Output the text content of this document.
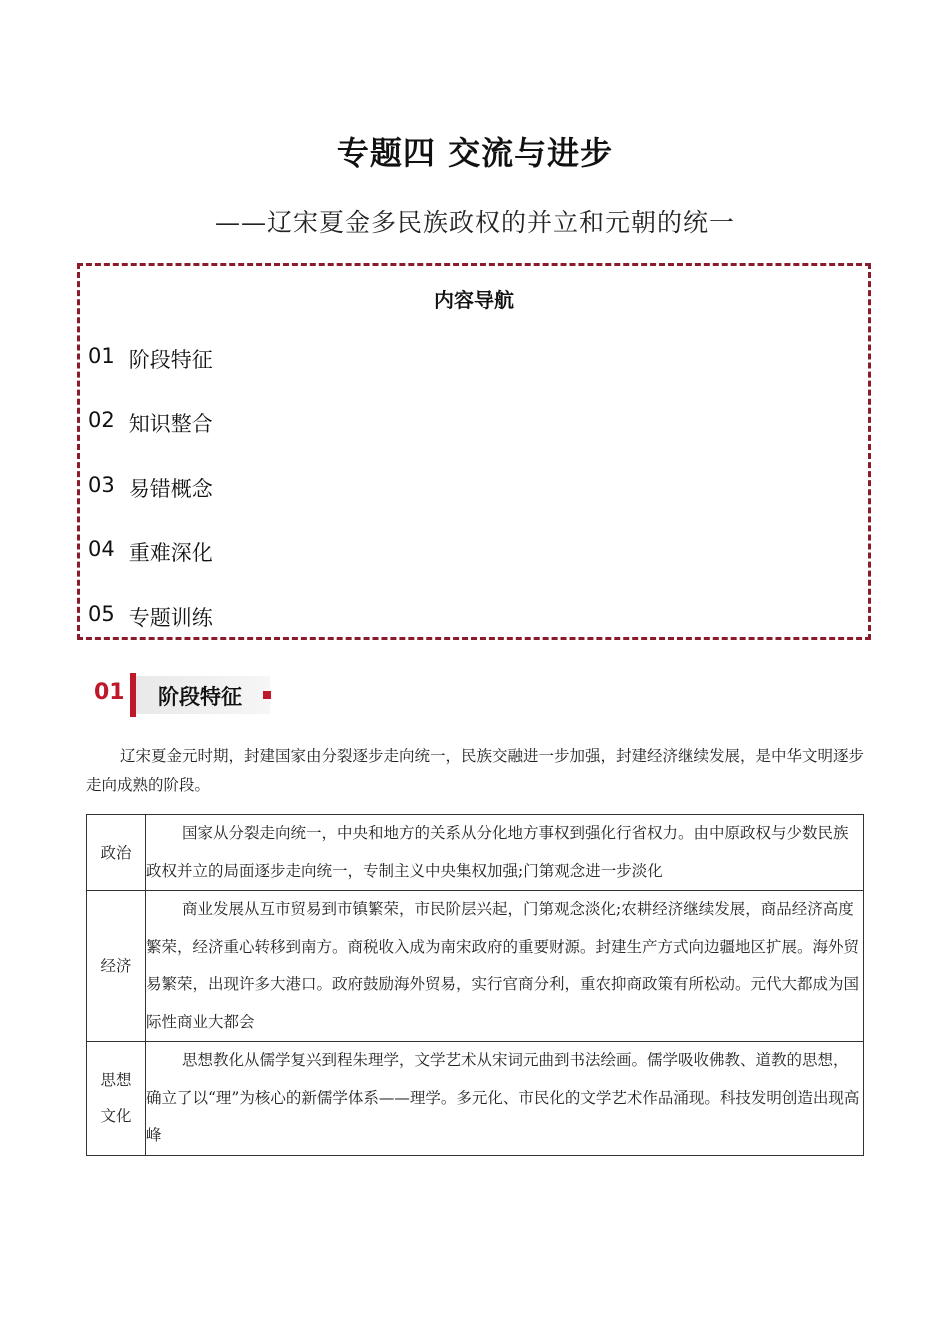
专题四 交流与进步
——辽宋夏金多民族政权的并立和元朝的统一
内容导航
01 阶段特征
02 知识整合
03 易错概念
04 重难深化
05 专题训练
01 阶段特征
辽宋夏金元时期，封建国家由分裂逐步走向统一，民族交融进一步加强，封建经济继续发展，是中华文明逐步走向成熟的阶段。
政治	国家从分裂走向统一，中央和地方的关系从分化地方事权到强化行省权力。由中原政权与少数民族政权并立的局面逐步走向统一，专制主义中央集权加强;门第观念进一步淡化
经济	商业发展从互市贸易到市镇繁荣，市民阶层兴起，门第观念淡化;农耕经济继续发展，商品经济高度繁荣，经济重心转移到南方。商税收入成为南宋政府的重要财源。封建生产方式向边疆地区扩展。海外贸易繁荣，出现许多大港口。政府鼓励海外贸易，实行官商分利，重农抑商政策有所松动。元代大都成为国际性商业大都会
思想文化	思想教化从儒学复兴到程朱理学，文学艺术从宋词元曲到书法绘画。儒学吸收佛教、道教的思想，确立了以“理”为核心的新儒学体系——理学。多元化、市民化的文学艺术作品涌现。科技发明创造出现高峰
